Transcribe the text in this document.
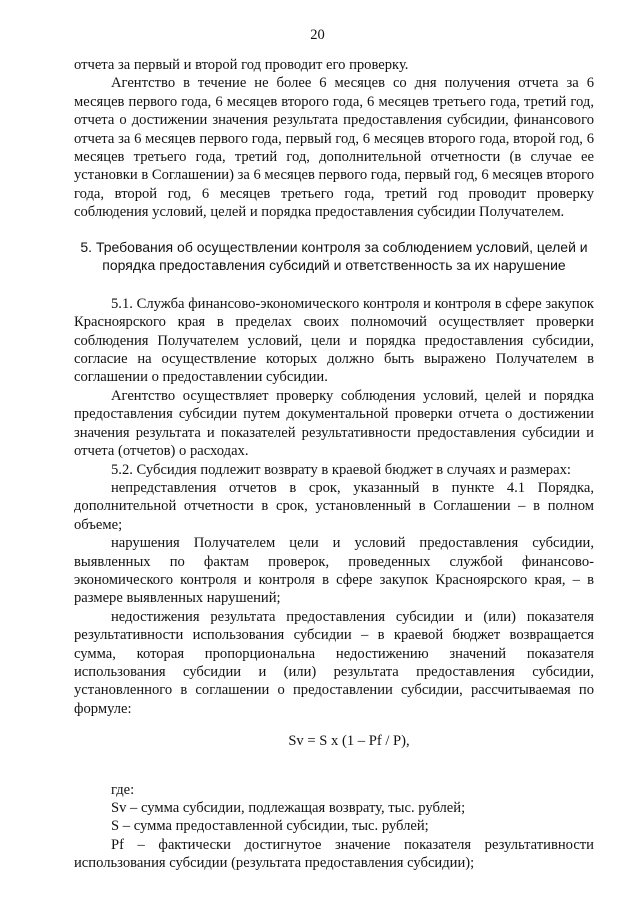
20

отчета за первый и второй год проводит его проверку.

Агентство в течение не более 6 месяцев со дня получения отчета за 6 месяцев первого года, 6 месяцев второго года, 6 месяцев третьего года, третий год, отчета о достижении значения результата предоставления субсидии, финансового отчета за 6 месяцев первого года, первый год, 6 месяцев второго года, второй год, 6 месяцев третьего года, третий год, дополнительной отчетности (в случае ее установки в Соглашении) за 6 месяцев первого года, первый год, 6 месяцев второго года, второй год, 6 месяцев третьего года, третий год проводит проверку соблюдения условий, целей и порядка предоставления субсидии Получателем.

5. Требования об осуществлении контроля за соблюдением условий, целей и порядка предоставления субсидий и ответственность за их нарушение

5.1. Служба финансово-экономического контроля и контроля в сфере закупок Красноярского края в пределах своих полномочий осуществляет проверки соблюдения Получателем условий, цели и порядка предоставления субсидии, согласие на осуществление которых должно быть выражено Получателем в соглашении о предоставлении субсидии.

Агентство осуществляет проверку соблюдения условий, целей и порядка предоставления субсидии путем документальной проверки отчета о достижении значения результата и показателей результативности предоставления субсидии и отчета (отчетов) о расходах.

5.2. Субсидия подлежит возврату в краевой бюджет в случаях и размерах:

непредставления отчетов в срок, указанный в пункте 4.1 Порядка, дополнительной отчетности в срок, установленный в Соглашении – в полном объеме;

нарушения Получателем цели и условий предоставления субсидии, выявленных по фактам проверок, проведенных службой финансово-экономического контроля и контроля в сфере закупок Красноярского края, – в размере выявленных нарушений;

недостижения результата предоставления субсидии и (или) показателя результативности использования субсидии – в краевой бюджет возвращается сумма, которая пропорциональна недостижению значений показателя использования субсидии и (или) результата предоставления субсидии, установленного в соглашении о предоставлении субсидии, рассчитываемая по формуле:

Sv = S x (1 – Pf / P),

где:

Sv – сумма субсидии, подлежащая возврату, тыс. рублей;

S – сумма предоставленной субсидии, тыс. рублей;

Pf – фактически достигнутое значение показателя результативности использования субсидии (результата предоставления субсидии);
